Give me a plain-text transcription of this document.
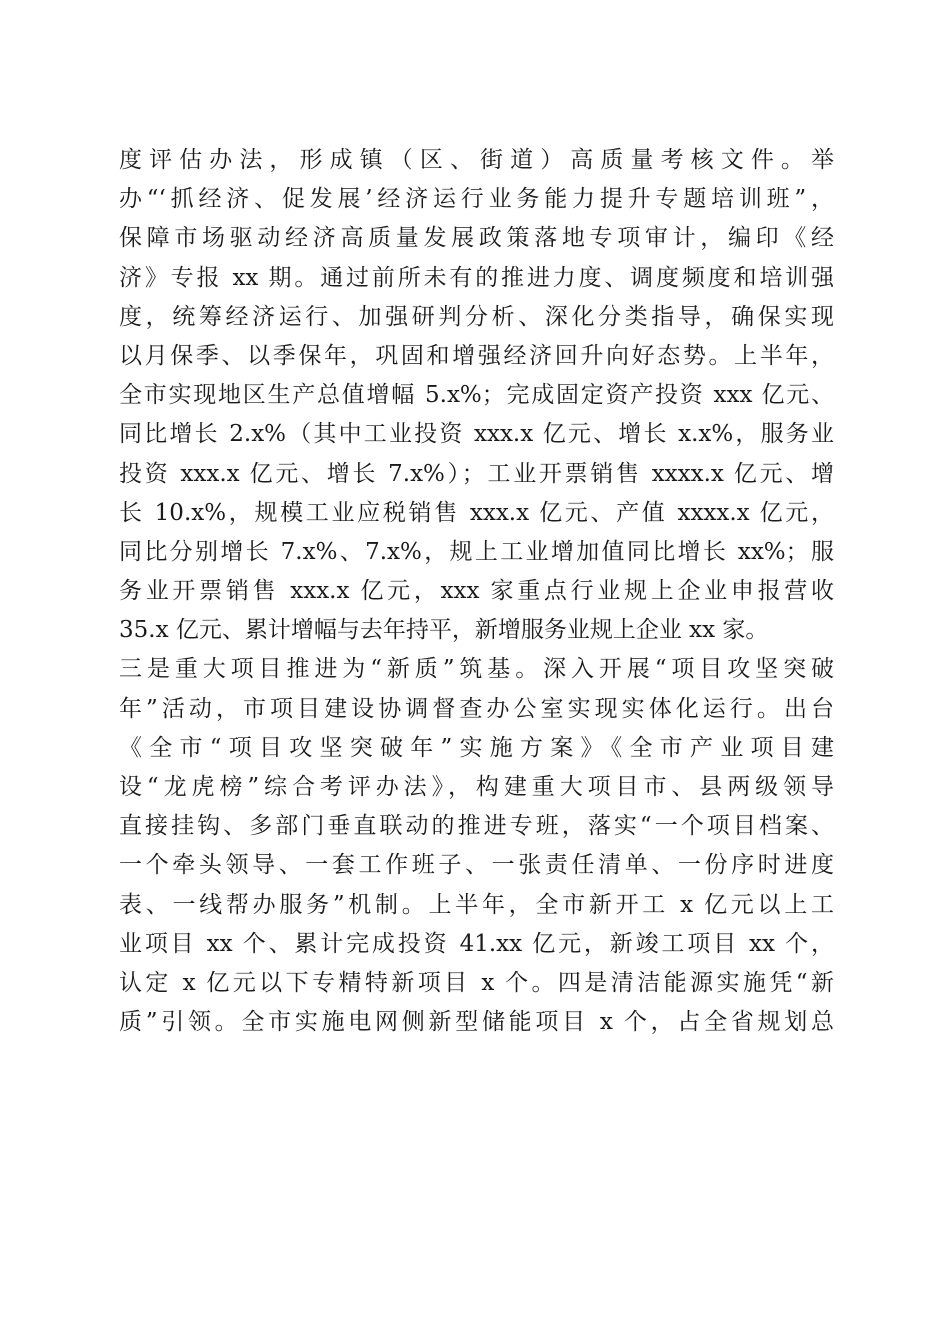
度评估办法，形成镇（区、街道）高质量考核文件。举
办“‘抓经济、促发展’经济运行业务能力提升专题培训班”，
保障市场驱动经济高质量发展政策落地专项审计，编印《经
济》专报 xx 期。通过前所未有的推进力度、调度频度和培训强
度，统筹经济运行、加强研判分析、深化分类指导，确保实现
以月保季、以季保年，巩固和增强经济回升向好态势。上半年，
全市实现地区生产总值增幅 5.x%；完成固定资产投资 xxx 亿元、
同比增长 2.x%（其中工业投资 xxx.x 亿元、增长 x.x%，服务业
投资 xxx.x 亿元、增长 7.x%）；工业开票销售 xxxx.x 亿元、增
长 10.x%，规模工业应税销售 xxx.x 亿元、产值 xxxx.x 亿元，
同比分别增长 7.x%、7.x%，规上工业增加值同比增长 xx%；服
务业开票销售 xxx.x 亿元，xxx 家重点行业规上企业申报营收
35.x 亿元、累计增幅与去年持平，新增服务业规上企业 xx 家。
三是重大项目推进为“新质”筑基。深入开展“项目攻坚突破
年”活动，市项目建设协调督查办公室实现实体化运行。出台
《全市“项目攻坚突破年”实施方案》《全市产业项目建
设“龙虎榜”综合考评办法》，构建重大项目市、县两级领导
直接挂钩、多部门垂直联动的推进专班，落实“一个项目档案、
一个牵头领导、一套工作班子、一张责任清单、一份序时进度
表、一线帮办服务”机制。上半年，全市新开工 x 亿元以上工
业项目 xx 个、累计完成投资 41.xx 亿元，新竣工项目 xx 个，
认定 x 亿元以下专精特新项目 x 个。四是清洁能源实施凭“新
质”引领。全市实施电网侧新型储能项目 x 个，占全省规划总
